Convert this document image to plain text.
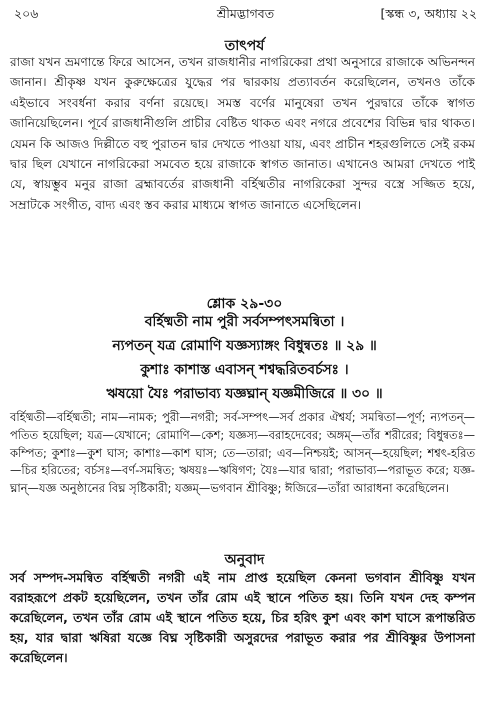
২০৬	শ্রীমদ্ভাগবত	[স্কন্ধ ৩, অধ্যায় ২২
তাৎপর্য
রাজা যখন ভ্রমণান্তে ফিরে আসেন, তখন রাজধানীর নাগরিকেরা প্রথা অনুসারে রাজাকে অভিনন্দন জানান। শ্রীকৃষ্ণ যখন কুরুক্ষেত্রের যুদ্ধের পর দ্বারকায় প্রত্যাবর্তন করেছিলেন, তখনও তাঁকে এইভাবে সংবর্ধনা করার বর্ণনা রয়েছে। সমস্ত বর্ণের মানুষেরা তখন পুরদ্বারে তাঁকে স্বাগত জানিয়েছিলেন। পূর্বে রাজধানীগুলি প্রাচীর বেষ্টিত থাকত এবং নগরে প্রবেশের বিভিন্ন দ্বার থাকত। যেমন কি আজও দিল্লীতে বহু পুরাতন দ্বার দেখতে পাওয়া যায়, এবং প্রাচীন শহরগুলিতে সেই রকম দ্বার ছিল যেখানে নাগরিকেরা সমবেত হয়ে রাজাকে স্বাগত জানাত। এখানেও আমরা দেখতে পাই যে, স্বায়ম্ভুব মনুর রাজা ব্রহ্মাবর্তের রাজধানী বর্হিষ্মতীর নাগরিকেরা সুন্দর বস্ত্রে সজ্জিত হয়ে, সম্রাটকে সংগীত, বাদ্য এবং স্তব করার মাধ্যমে স্বাগত জানাতে এসেছিলেন।
শ্লোক ২৯-৩০
বর্হিষ্মতী নাম পুরী সর্বসম্পৎসমন্বিতা ।
ন্যপতন্ যত্র রোমাণি যজ্ঞস্যাঙ্গং বিধুন্বতঃ ॥ ২৯ ॥
কুশাঃ কাশাস্ত এবাসন্ শশ্বদ্ধরিতবর্চসঃ ।
ঋষয়ো যৈঃ পরাভাব্য যজ্ঞঘ্নান্ যজ্ঞমীজিরে ॥ ৩০ ॥
বর্হিষ্মতী—বর্হিষ্মতী; নাম—নামক; পুরী—নগরী; সর্ব-সম্পৎ—সর্ব প্রকার ঐশ্বর্য; সমন্বিতা—পূর্ণ; ন্যপতন্—পতিত হয়েছিল; যত্র—যেখানে; রোমাণি—কেশ; যজ্ঞস্য—বরাহদেবের; অঙ্গম্—তাঁর শরীরের; বিধুন্বতঃ—কম্পিত; কুশাঃ—কুশ ঘাস; কাশাঃ—কাশ ঘাস; তে—তারা; এব—নিশ্চয়ই; আসন্—হয়েছিল; শশ্বৎ-হরিত—চির হরিতের; বর্চসঃ—বর্ণ-সমন্বিত; ঋষয়ঃ—ঋষিগণ; যৈঃ—যার দ্বারা; পরাভাব্য—পরাভূত করে; যজ্ঞ-ঘ্নান্—যজ্ঞ অনুষ্ঠানের বিঘ্ন সৃষ্টিকারী; যজ্ঞম্—ভগবান শ্রীবিষ্ণু; ঈজিরে—তাঁরা আরাধনা করেছিলেন।
অনুবাদ
সর্ব সম্পদ-সমন্বিত বর্হিষ্মতী নগরী এই নাম প্রাপ্ত হয়েছিল কেননা ভগবান শ্রীবিষ্ণু যখন বরাহরূপে প্রকট হয়েছিলেন, তখন তাঁর রোম এই স্থানে পতিত হয়। তিনি যখন দেহ কম্পন করেছিলেন, তখন তাঁর রোম এই স্থানে পতিত হয়ে, চির হরিৎ কুশ এবং কাশ ঘাসে রূপান্তরিত হয়, যার দ্বারা ঋষিরা যজ্ঞে বিঘ্ন সৃষ্টিকারী অসুরদের পরাভূত করার পর শ্রীবিষ্ণুর উপাসনা করেছিলেন।
